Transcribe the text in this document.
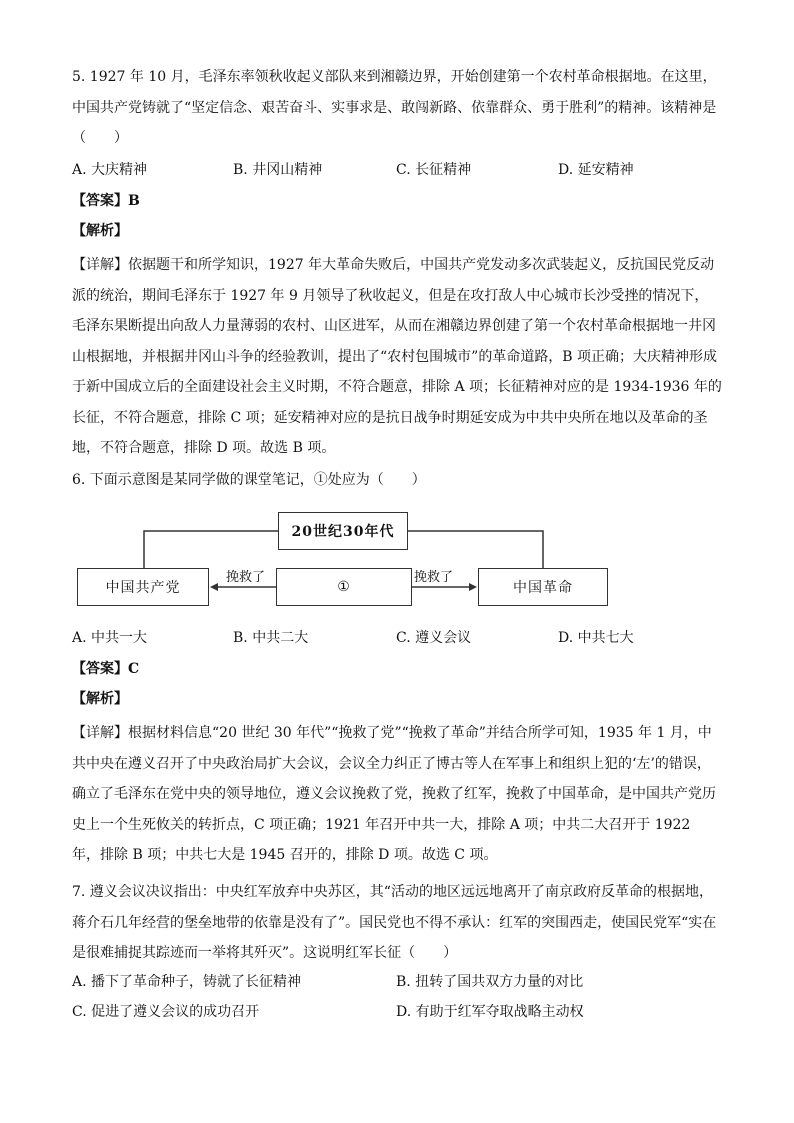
5. 1927 年 10 月，毛泽东率领秋收起义部队来到湘赣边界，开始创建第一个农村革命根据地。在这里，中国共产党铸就了“坚定信念、艰苦奋斗、实事求是、敢闯新路、依靠群众、勇于胜利”的精神。该精神是（　　）

A. 大庆精神	B. 井冈山精神	C. 长征精神	D. 延安精神
【答案】B
【解析】

【详解】依据题干和所学知识，1927 年大革命失败后，中国共产党发动多次武装起义，反抗国民党反动派的统治，期间毛泽东于 1927 年 9 月领导了秋收起义，但是在攻打敌人中心城市长沙受挫的情况下，毛泽东果断提出向敌人力量薄弱的农村、山区进军，从而在湘赣边界创建了第一个农村革命根据地一井冈山根据地，并根据井冈山斗争的经验教训，提出了“农村包围城市”的革命道路，B 项正确；大庆精神形成于新中国成立后的全面建设社会主义时期，不符合题意，排除 A 项；长征精神对应的是 1934-1936 年的长征，不符合题意，排除 C 项；延安精神对应的是抗日战争时期延安成为中共中央所在地以及革命的圣地，不符合题意，排除 D 项。故选 B 项。

6. 下面示意图是某同学做的课堂笔记，①处应为（　　）
20世纪30年代
中国共产党	①	中国革命
挽救了	挽救了
A. 中共一大	B. 中共二大	C. 遵义会议	D. 中共七大
【答案】C
【解析】

【详解】根据材料信息“20 世纪 30 年代”“挽救了党”“挽救了革命”并结合所学可知，1935 年 1 月，中共中央在遵义召开了中央政治局扩大会议，会议全力纠正了博古等人在军事上和组织上犯的‘左’的错误，确立了毛泽东在党中央的领导地位，遵义会议挽救了党，挽救了红军，挽救了中国革命，是中国共产党历史上一个生死攸关的转折点，C 项正确；1921 年召开中共一大，排除 A 项；中共二大召开于 1922 年，排除 B 项；中共七大是 1945 召开的，排除 D 项。故选 C 项。

7. 遵义会议决议指出：中央红军放弃中央苏区，其“活动的地区远远地离开了南京政府反革命的根据地，蒋介石几年经营的堡垒地带的依靠是没有了”。国民党也不得不承认：红军的突围西走，使国民党军“实在是很难捕捉其踪迹而一举将其歼灭”。这说明红军长征（　　）

A. 播下了革命种子，铸就了长征精神	B. 扭转了国共双方力量的对比
C. 促进了遵义会议的成功召开	D. 有助于红军夺取战略主动权
